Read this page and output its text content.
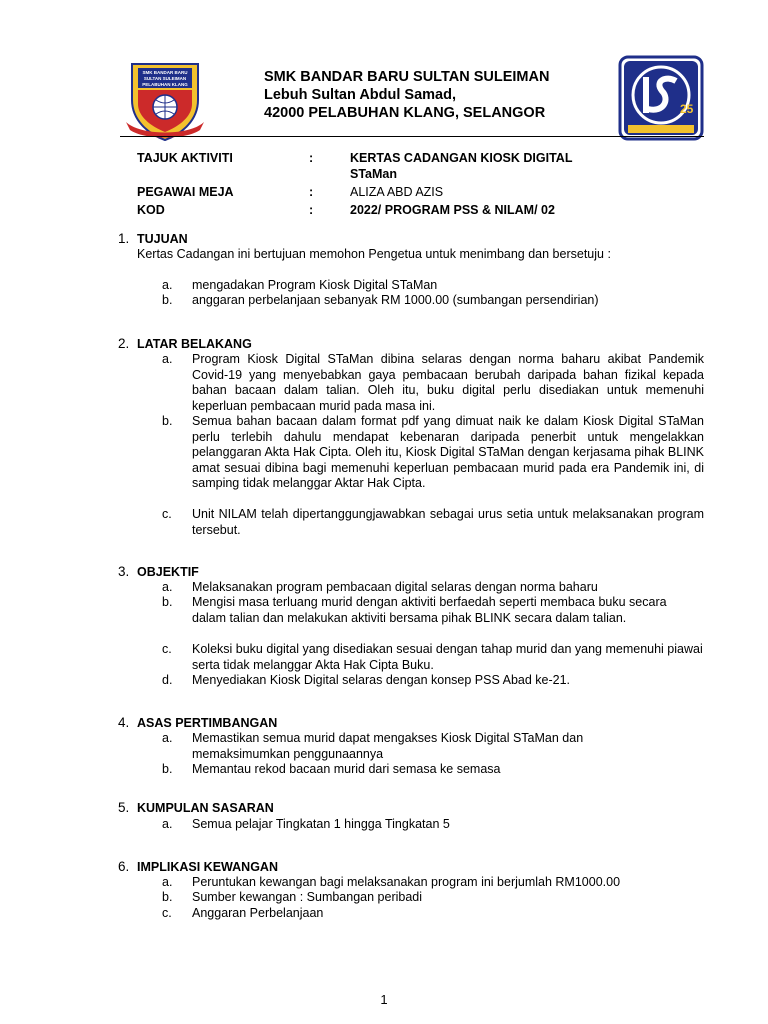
SMK BANDAR BARU
SULTAN SULEIMAN
PELABUHAN KLANG	SMK BANDAR BARU SULTAN SULEIMAN
Lebuh Sultan Abdul Samad,
42000 PELABUHAN KLANG, SELANGOR	25
TAJUK AKTIVITI	:	KERTAS CADANGAN KIOSK DIGITAL STaMan
PEGAWAI MEJA	:	ALIZA ABD AZIS
KOD	:	2022/ PROGRAM PSS & NILAM/ 02
1. TUJUAN
Kertas Cadangan ini bertujuan memohon Pengetua untuk menimbang dan bersetuju :
a.	mengadakan Program Kiosk Digital STaMan
b.	anggaran perbelanjaan sebanyak RM 1000.00 (sumbangan persendirian)
2. LATAR BELAKANG
a.	Program Kiosk Digital STaMan dibina selaras dengan norma baharu akibat Pandemik Covid-19 yang menyebabkan gaya pembacaan berubah daripada bahan fizikal kepada bahan bacaan dalam talian. Oleh itu, buku digital perlu disediakan untuk memenuhi keperluan pembacaan murid pada masa ini.
b.	Semua bahan bacaan dalam format pdf yang dimuat naik ke dalam Kiosk Digital STaMan perlu terlebih dahulu mendapat kebenaran daripada penerbit untuk mengelakkan pelanggaran Akta Hak Cipta. Oleh itu, Kiosk Digital STaMan dengan kerjasama pihak BLINK amat sesuai dibina bagi memenuhi keperluan pembacaan murid pada era Pandemik ini, di samping tidak melanggar Aktar Hak Cipta.
c.	Unit NILAM telah dipertanggungjawabkan sebagai urus setia untuk melaksanakan program tersebut.
3. OBJEKTIF
a.	Melaksanakan program pembacaan digital selaras dengan norma baharu
b.	Mengisi masa terluang murid dengan aktiviti berfaedah seperti membaca buku secara dalam talian dan melakukan aktiviti bersama pihak BLINK secara dalam talian.
c.	Koleksi buku digital yang disediakan sesuai dengan tahap murid dan yang memenuhi piawai serta tidak melanggar Akta Hak Cipta Buku.
d.	Menyediakan Kiosk Digital selaras dengan konsep PSS Abad ke-21.
4. ASAS PERTIMBANGAN
a.	Memastikan semua murid dapat mengakses Kiosk Digital STaMan dan memaksimumkan penggunaannya
b.	Memantau rekod bacaan murid dari semasa ke semasa
5. KUMPULAN SASARAN
a.	Semua pelajar Tingkatan 1 hingga Tingkatan 5
6. IMPLIKASI KEWANGAN
a.	Peruntukan kewangan bagi melaksanakan program ini berjumlah RM1000.00
b.	Sumber kewangan : Sumbangan peribadi
c.	Anggaran Perbelanjaan
1
